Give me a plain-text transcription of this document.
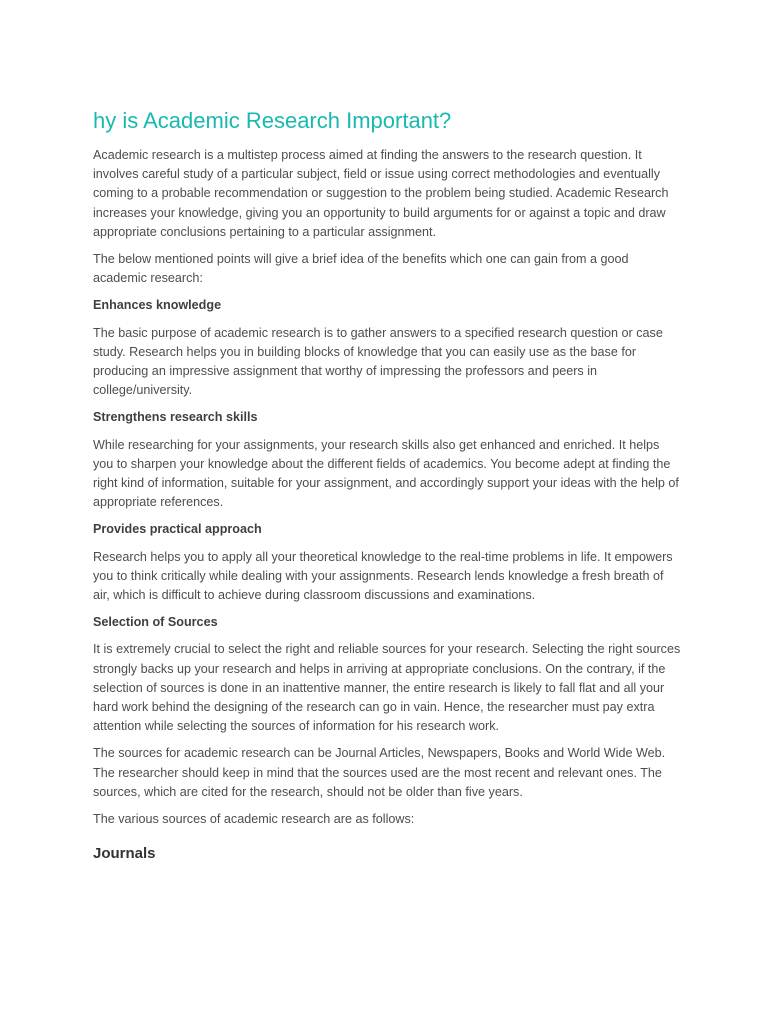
hy is Academic Research Important?

Academic research is a multistep process aimed at finding the answers to the research question. It involves careful study of a particular subject, field or issue using correct methodologies and eventually coming to a probable recommendation or suggestion to the problem being studied. Academic Research increases your knowledge, giving you an opportunity to build arguments for or against a topic and draw appropriate conclusions pertaining to a particular assignment.

The below mentioned points will give a brief idea of the benefits which one can gain from a good academic research:

Enhances knowledge

The basic purpose of academic research is to gather answers to a specified research question or case study. Research helps you in building blocks of knowledge that you can easily use as the base for producing an impressive assignment that worthy of impressing the professors and peers in college/university.

Strengthens research skills

While researching for your assignments, your research skills also get enhanced and enriched. It helps you to sharpen your knowledge about the different fields of academics. You become adept at finding the right kind of information, suitable for your assignment, and accordingly support your ideas with the help of appropriate references.

Provides practical approach

Research helps you to apply all your theoretical knowledge to the real-time problems in life. It empowers you to think critically while dealing with your assignments. Research lends knowledge a fresh breath of air, which is difficult to achieve during classroom discussions and examinations.

Selection of Sources

It is extremely crucial to select the right and reliable sources for your research. Selecting the right sources strongly backs up your research and helps in arriving at appropriate conclusions. On the contrary, if the selection of sources is done in an inattentive manner, the entire research is likely to fall flat and all your hard work behind the designing of the research can go in vain. Hence, the researcher must pay extra attention while selecting the sources of information for his research work.

The sources for academic research can be Journal Articles, Newspapers, Books and World Wide Web. The researcher should keep in mind that the sources used are the most recent and relevant ones. The sources, which are cited for the research, should not be older than five years.

The various sources of academic research are as follows:

Journals
